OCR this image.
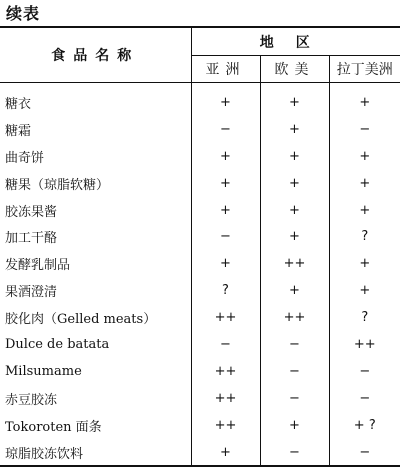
续表
食品名称	地区		
	亚洲	欧美	拉丁美洲
糖衣	+	+	+
糖霜	−	+	−
曲奇饼	+	+	+
糖果（琼脂软糖）	+	+	+
胶冻果酱	+	+	+
加工干酪	−	+	?
发酵乳制品	+	++	+
果酒澄清	?	+	+
胶化肉（Gelled meats）	++	++	?
Dulce de batata	−	−	++
Milsumame	++	−	−
赤豆胶冻	++	−	−
Tokoroten 面条	++	+	+ ?
琼脂胶冻饮料	+	−	−
